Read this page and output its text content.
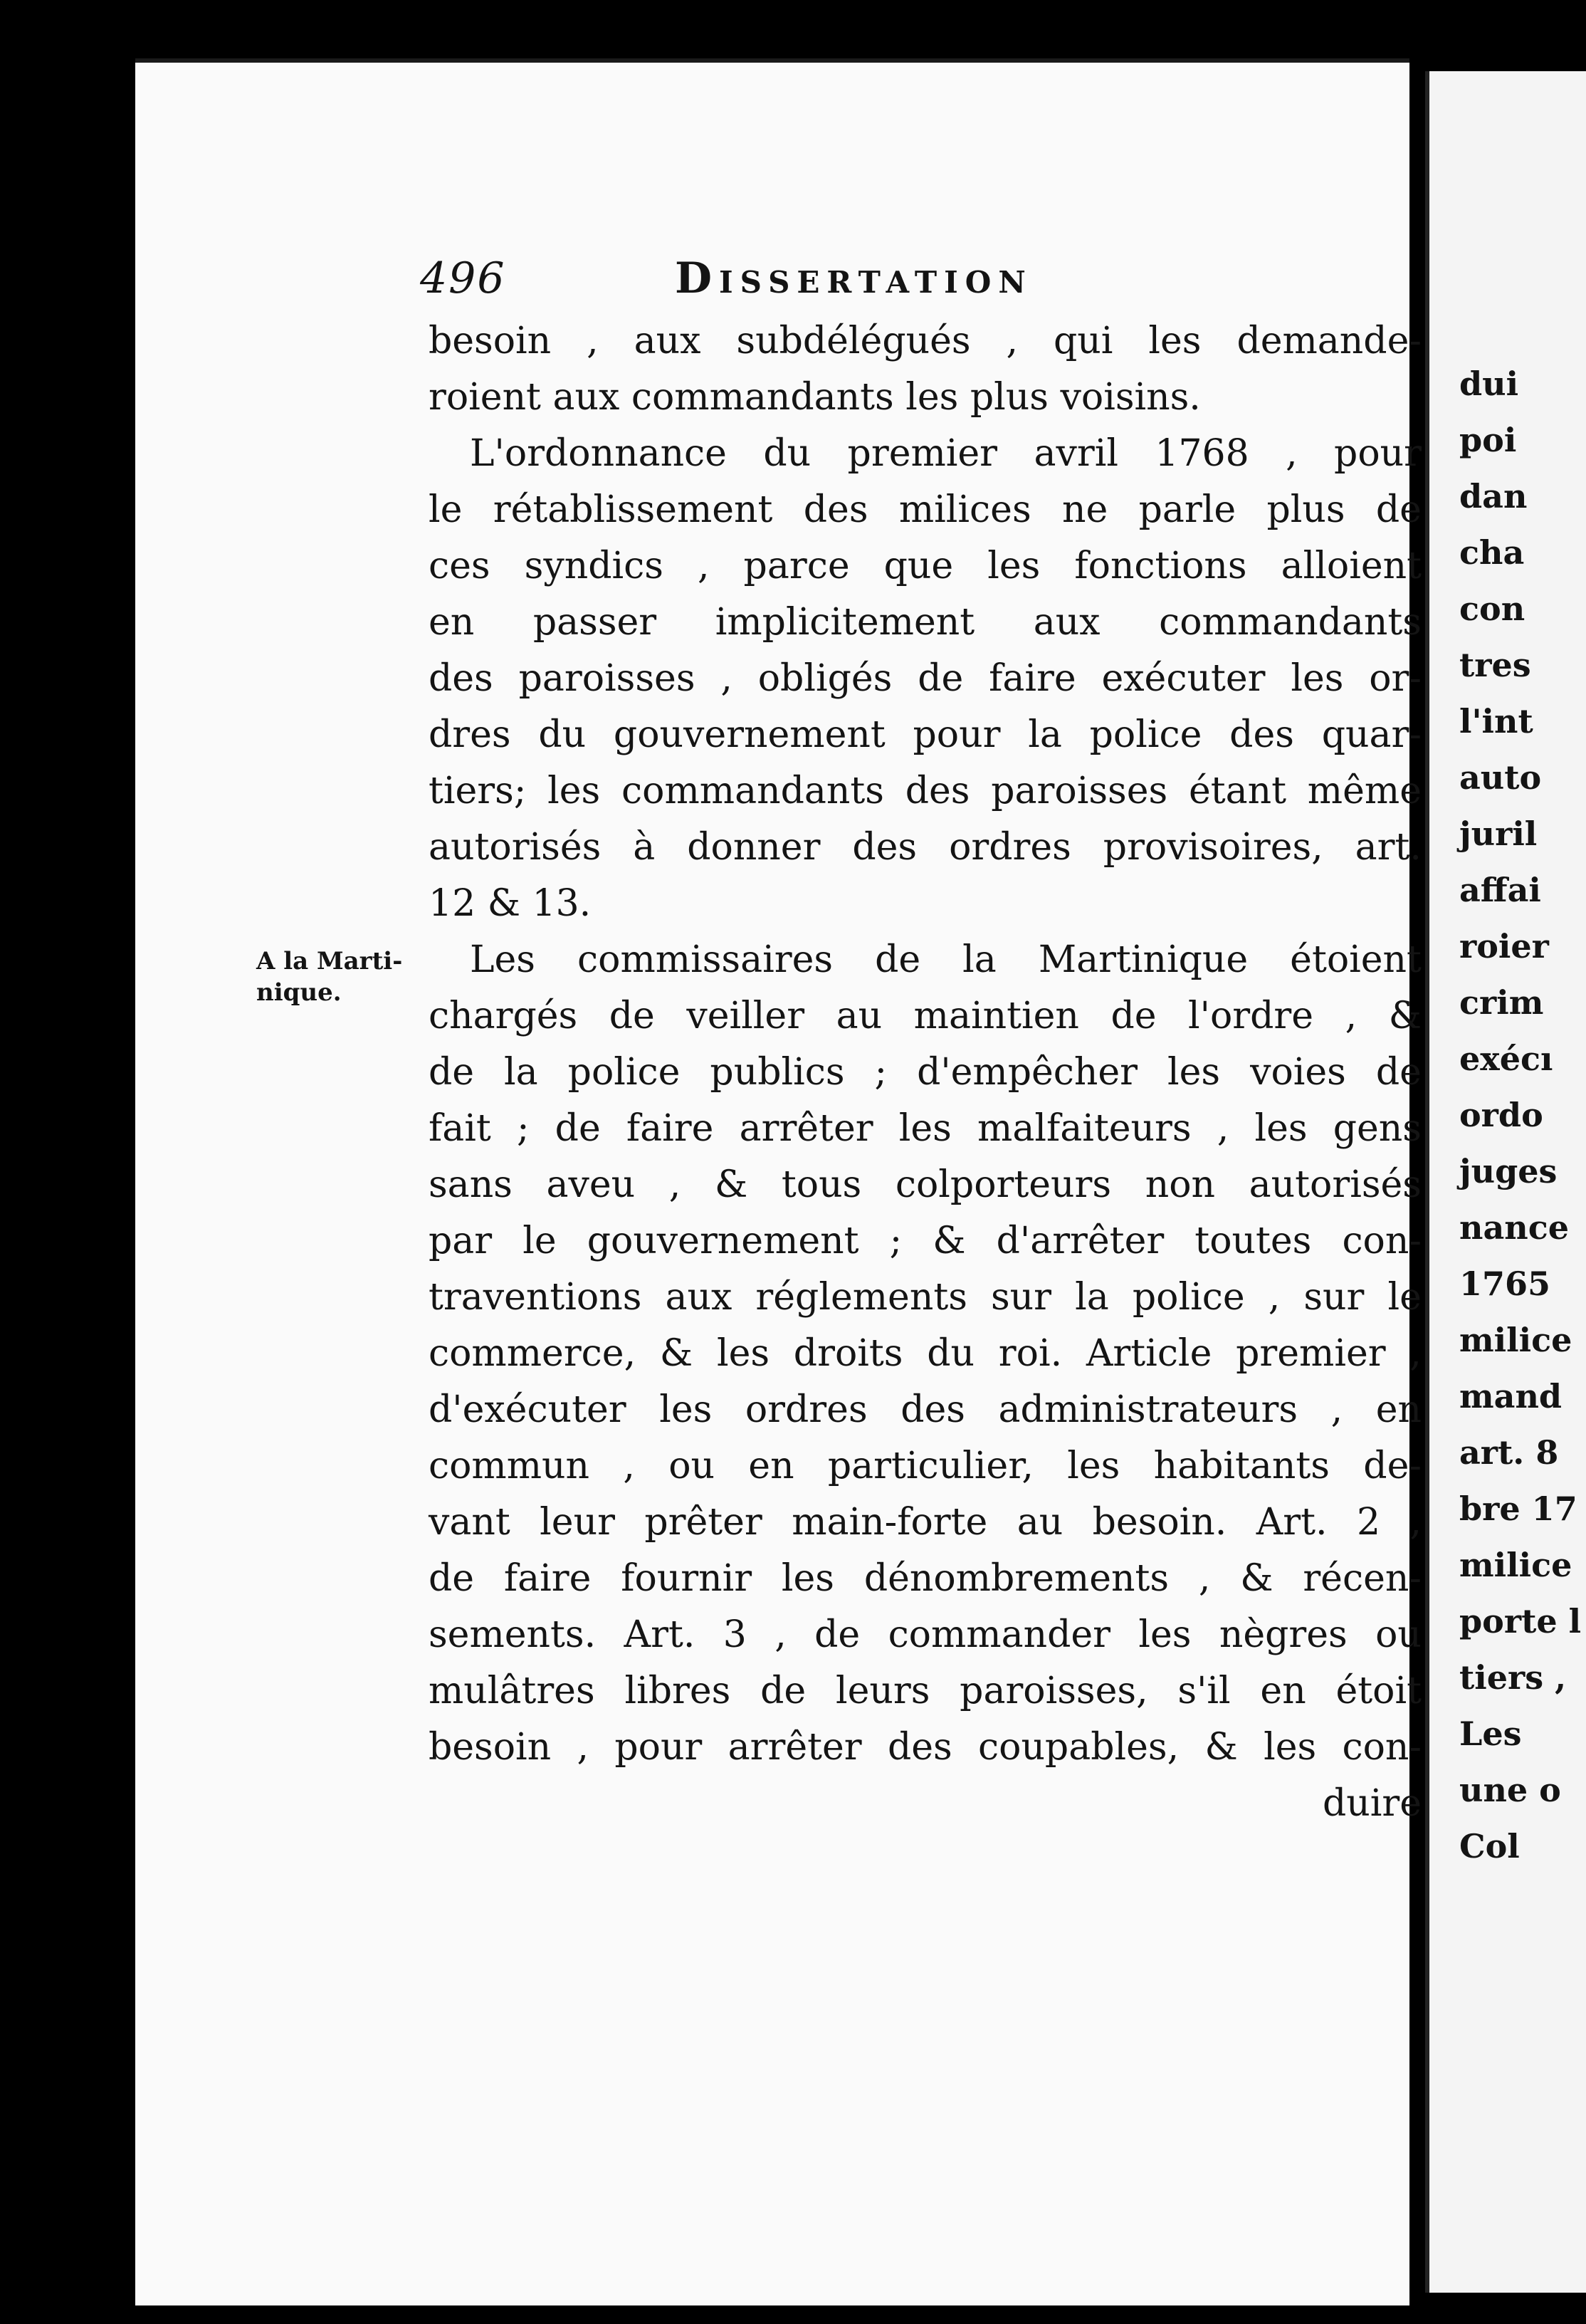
496	Dissertation
A la Marti-
nique.
besoin , aux subdélégués , qui les demande-
roient aux commandants les plus voisins.
L'ordonnance du premier avril 1768 , pour
le rétablissement des milices ne parle plus de
ces syndics , parce que les fonctions alloient
en passer implicitement aux commandants
des paroisses , obligés de faire exécuter les or-
dres du gouvernement pour la police des quar-
tiers; les commandants des paroisses étant même
autorisés à donner des ordres provisoires, art.
12 & 13.
Les commissaires de la Martinique étoient
chargés de veiller au maintien de l'ordre , &
de la police publics ; d'empêcher les voies de
fait ; de faire arrêter les malfaiteurs , les gens
sans aveu , & tous colporteurs non autorisés
par le gouvernement ; & d'arrêter toutes con-
traventions aux réglements sur la police , sur le
commerce, & les droits du roi. Article premier ,
d'exécuter les ordres des administrateurs , en
commun , ou en particulier, les habitants de-
vant leur prêter main-forte au besoin. Art. 2 ,
de faire fournir les dénombrements , & récen-
sements. Art. 3 , de commander les nègres ou
mulâtres libres de leurs paroisses, s'il en étoit
besoin , pour arrêter des coupables, & les con-
duire
dui
poi
dan
cha
con
tres
l'int
auto
juril
affai
roier
crim
exécı
ordo
juges
nance
1765
milice
mand
art. 8
bre 17
milice
porte l
tiers ,
Les
une o
Col
